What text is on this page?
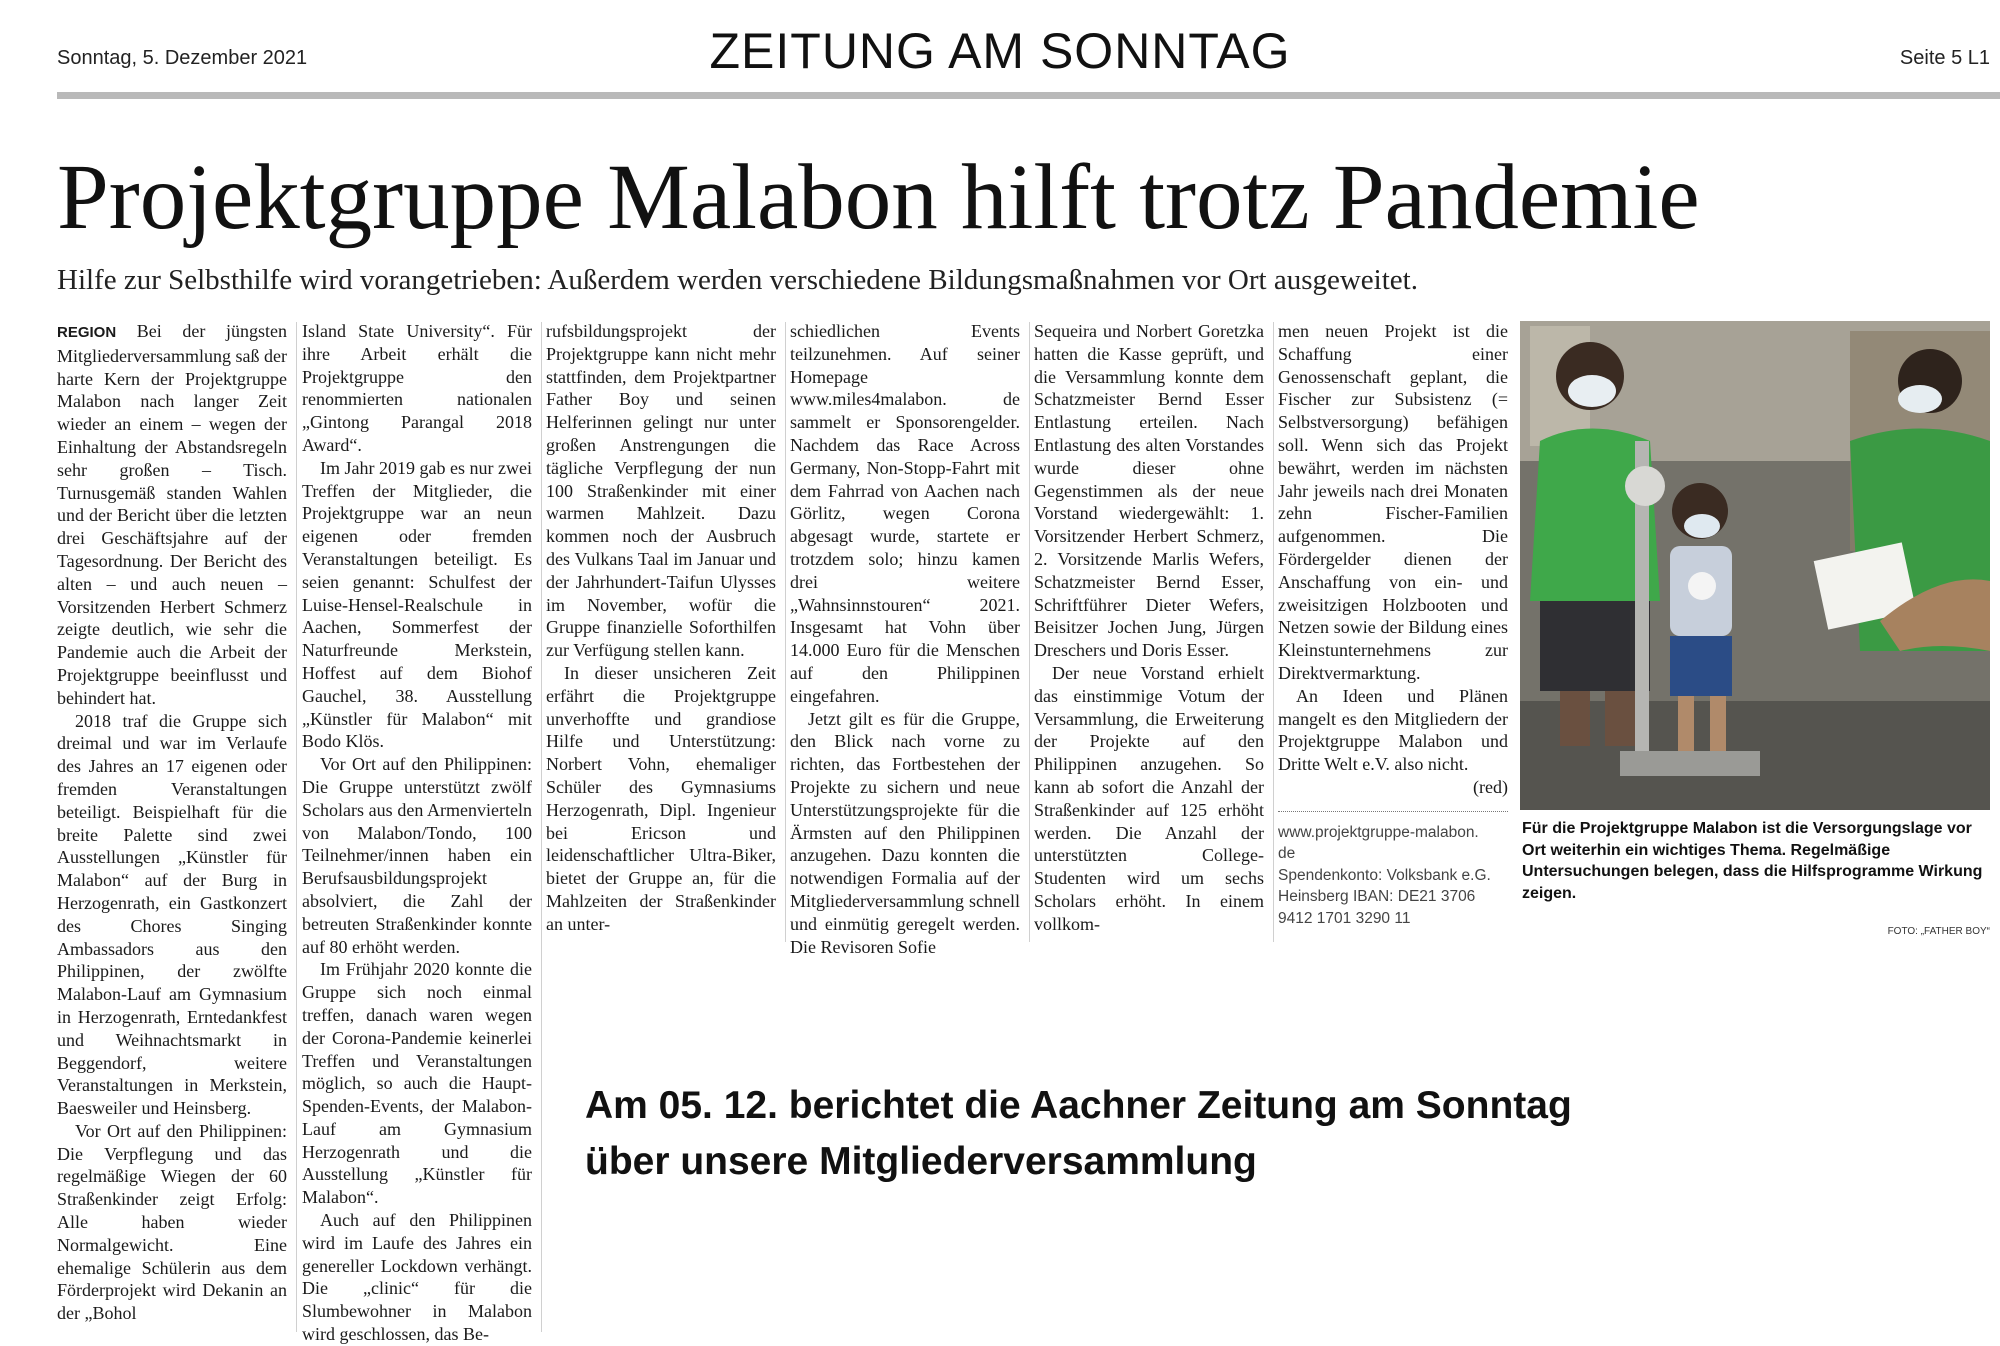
Sonntag, 5. Dezember 2021	ZEITUNG AM SONNTAG	Seite 5 L1
Projektgruppe Malabon hilft trotz Pandemie
Hilfe zur Selbsthilfe wird vorangetrieben: Außerdem werden verschiedene Bildungsmaßnahmen vor Ort ausgeweitet.

REGION Bei der jüngsten Mitgliederversammlung saß der harte Kern der Projektgruppe Malabon nach langer Zeit wieder an einem – wegen der Einhaltung der Abstandsregeln sehr großen – Tisch. Turnusgemäß standen Wahlen und der Bericht über die letzten drei Geschäftsjahre auf der Tagesordnung. Der Bericht des alten – und auch neuen – Vorsitzenden Herbert Schmerz zeigte deutlich, wie sehr die Pandemie auch die Arbeit der Projektgruppe beeinflusst und behindert hat.

2018 traf die Gruppe sich dreimal und war im Verlaufe des Jahres an 17 eigenen oder fremden Veranstaltungen beteiligt. Beispielhaft für die breite Palette sind zwei Ausstellungen „Künstler für Malabon“ auf der Burg in Herzogenrath, ein Gastkonzert des Chores Singing Ambassadors aus den Philippinen, der zwölfte Malabon-Lauf am Gymnasium in Herzogenrath, Erntedankfest und Weihnachtsmarkt in Beggendorf, weitere Veranstaltungen in Merkstein, Baesweiler und Heinsberg.

Vor Ort auf den Philippinen: Die Verpflegung und das regelmäßige Wiegen der 60 Straßenkinder zeigt Erfolg: Alle haben wieder Normalgewicht. Eine ehemalige Schülerin aus dem Förderprojekt wird Dekanin an der „Bohol

Island State University“. Für ihre Arbeit erhält die Projektgruppe den renommierten nationalen „Gintong Parangal 2018 Award“.

Im Jahr 2019 gab es nur zwei Treffen der Mitglieder, die Projektgruppe war an neun eigenen oder fremden Veranstaltungen beteiligt. Es seien genannt: Schulfest der Luise-Hensel-Realschule in Aachen, Sommerfest der Naturfreunde Merkstein, Hoffest auf dem Biohof Gauchel, 38. Ausstellung „Künstler für Malabon“ mit Bodo Klös.

Vor Ort auf den Philippinen: Die Gruppe unterstützt zwölf Scholars aus den Armenvierteln von Malabon/Tondo, 100 Teilnehmer/innen haben ein Berufsausbildungsprojekt absolviert, die Zahl der betreuten Straßenkinder konnte auf 80 erhöht werden.

Im Frühjahr 2020 konnte die Gruppe sich noch einmal treffen, danach waren wegen der Corona-Pandemie keinerlei Treffen und Veranstaltungen möglich, so auch die Haupt-Spenden-Events, der Malabon-Lauf am Gymnasium Herzogenrath und die Ausstellung „Künstler für Malabon“.

Auch auf den Philippinen wird im Laufe des Jahres ein genereller Lockdown verhängt. Die „clinic“ für die Slumbewohner in Malabon wird geschlossen, das Be-

rufsbildungsprojekt der Projektgruppe kann nicht mehr stattfinden, dem Projektpartner Father Boy und seinen Helferinnen gelingt nur unter großen Anstrengungen die tägliche Verpflegung der nun 100 Straßenkinder mit einer warmen Mahlzeit. Dazu kommen noch der Ausbruch des Vulkans Taal im Januar und der Jahrhundert-Taifun Ulysses im November, wofür die Gruppe finanzielle Soforthilfen zur Verfügung stellen kann.

In dieser unsicheren Zeit erfährt die Projektgruppe unverhoffte und grandiose Hilfe und Unterstützung: Norbert Vohn, ehemaliger Schüler des Gymnasiums Herzogenrath, Dipl. Ingenieur bei Ericson und leidenschaftlicher Ultra-Biker, bietet der Gruppe an, für die Mahlzeiten der Straßenkinder an unter-

schiedlichen Events teilzunehmen. Auf seiner Homepage www.miles4malabon. de sammelt er Sponsorengelder. Nachdem das Race Across Germany, Non-Stopp-Fahrt mit dem Fahrrad von Aachen nach Görlitz, wegen Corona abgesagt wurde, startete er trotzdem solo; hinzu kamen drei weitere „Wahnsinnstouren“ 2021. Insgesamt hat Vohn über 14.000 Euro für die Menschen auf den Philippinen eingefahren.

Jetzt gilt es für die Gruppe, den Blick nach vorne zu richten, das Fortbestehen der Projekte zu sichern und neue Unterstützungsprojekte für die Ärmsten auf den Philippinen anzugehen. Dazu konnten die notwendigen Formalia auf der Mitgliederversammlung schnell und einmütig geregelt werden. Die Revisoren Sofie

Sequeira und Norbert Goretzka hatten die Kasse geprüft, und die Versammlung konnte dem Schatzmeister Bernd Esser Entlastung erteilen. Nach Entlastung des alten Vorstandes wurde dieser ohne Gegenstimmen als der neue Vorstand wiedergewählt: 1. Vorsitzender Herbert Schmerz, 2. Vorsitzende Marlis Wefers, Schatzmeister Bernd Esser, Schriftführer Dieter Wefers, Beisitzer Jochen Jung, Jürgen Dreschers und Doris Esser.

Der neue Vorstand erhielt das einstimmige Votum der Versammlung, die Erweiterung der Projekte auf den Philippinen anzugehen. So kann ab sofort die Anzahl der Straßenkinder auf 125 erhöht werden. Die Anzahl der unterstützten College-Studenten wird um sechs Scholars erhöht. In einem vollkom-

men neuen Projekt ist die Schaffung einer Genossenschaft geplant, die Fischer zur Subsistenz (= Selbstversorgung) befähigen soll. Wenn sich das Projekt bewährt, werden im nächsten Jahr jeweils nach drei Monaten zehn Fischer-Familien aufgenommen. Die Fördergelder dienen der Anschaffung von ein- und zweisitzigen Holzbooten und Netzen sowie der Bildung eines Kleinstunternehmens zur Direktvermarktung.

An Ideen und Plänen mangelt es den Mitgliedern der Projektgruppe Malabon und Dritte Welt e.V. also nicht.

(red)

www.projektgruppe-malabon.
de
Spendenkonto: Volksbank e.G.
Heinsberg IBAN: DE21 3706
9412 1701 3290 11
Für die Projektgruppe Malabon ist die Versorgungslage vor Ort weiterhin ein wichtiges Thema. Regelmäßige Untersuchungen belegen, dass die Hilfsprogramme Wirkung zeigen.
FOTO: „FATHER BOY“
Am 05. 12. berichtet die Aachner Zeitung am Sonntag
über unsere Mitgliederversammlung
